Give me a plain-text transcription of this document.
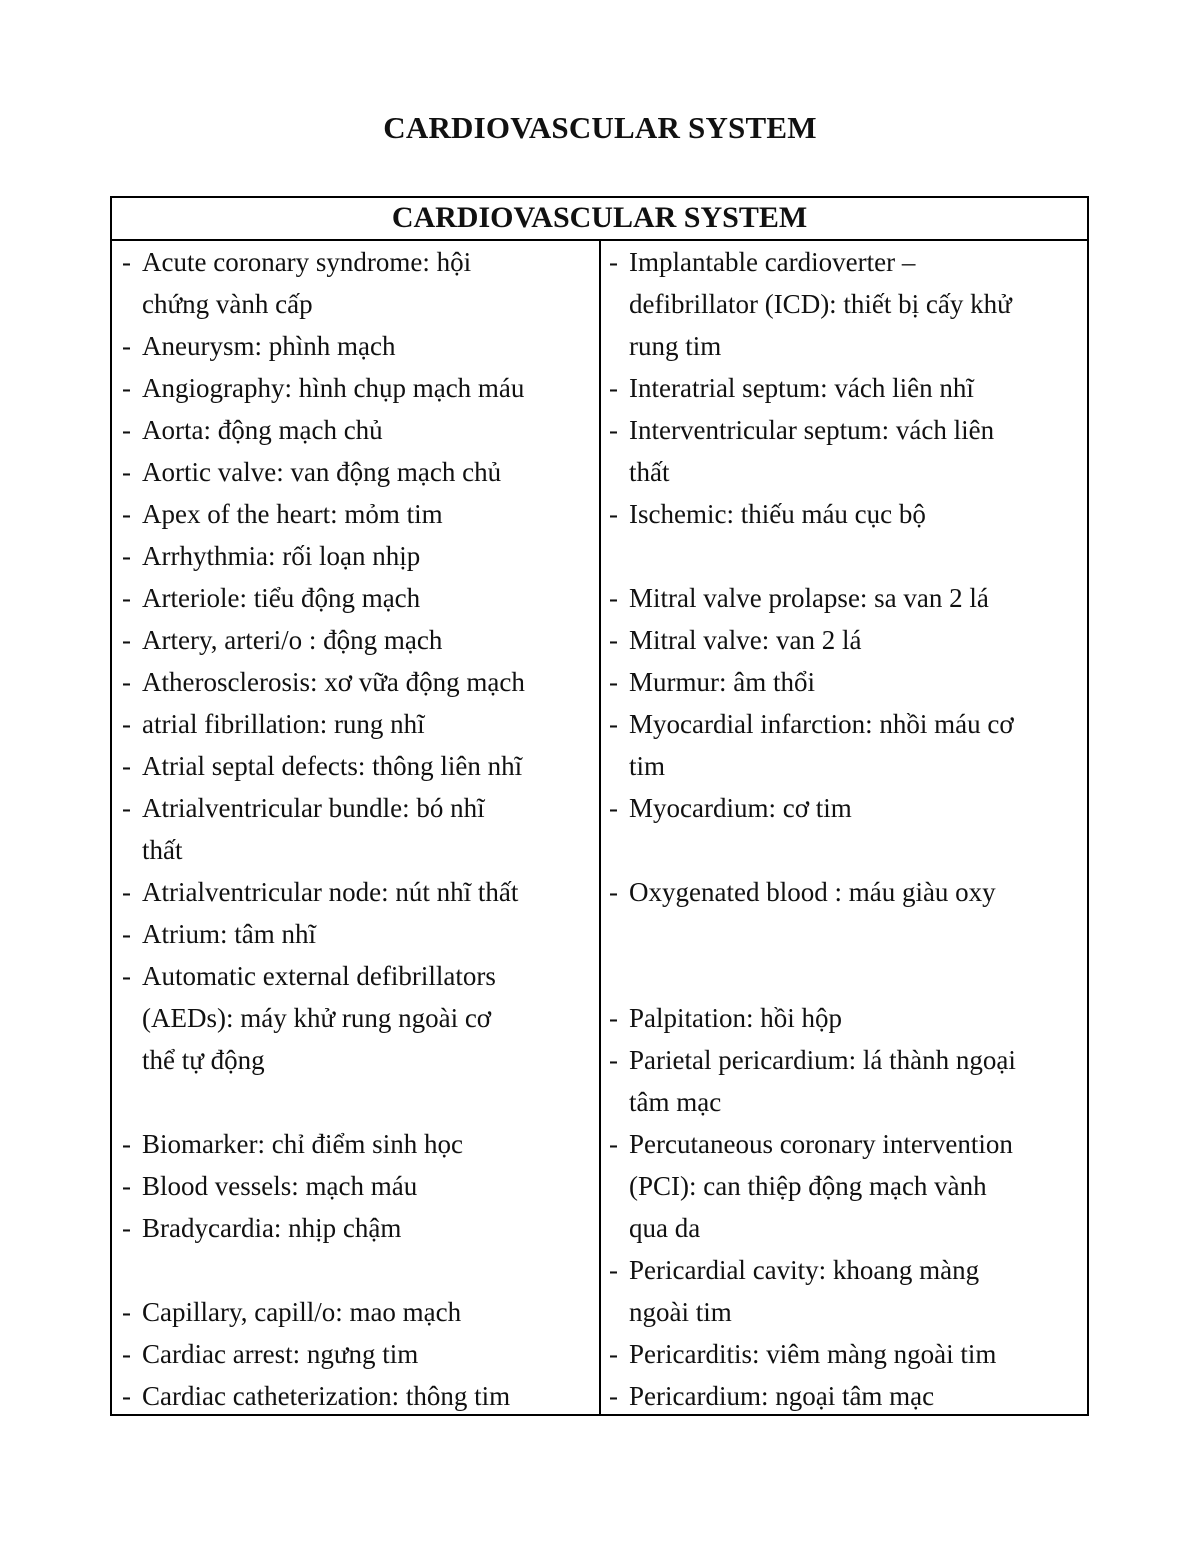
CARDIOVASCULAR SYSTEM
CARDIOVASCULAR SYSTEM
- Acute coronary syndrome: hội
chứng vành cấp
- Aneurysm: phình mạch
- Angiography: hình chụp mạch máu
- Aorta: động mạch chủ
- Aortic valve: van động mạch chủ
- Apex of the heart: mỏm tim
- Arrhythmia: rối loạn nhịp
- Arteriole: tiểu động mạch
- Artery, arteri/o : động mạch
- Atherosclerosis: xơ vữa động mạch
- atrial fibrillation: rung nhĩ
- Atrial septal defects: thông liên nhĩ
- Atrialventricular bundle: bó nhĩ
thất
- Atrialventricular node: nút nhĩ thất
- Atrium: tâm nhĩ
- Automatic external defibrillators
(AEDs): máy khử rung ngoài cơ
thể tự động
- Biomarker: chỉ điểm sinh học
- Blood vessels: mạch máu
- Bradycardia: nhịp chậm
- Capillary, capill/o: mao mạch
- Cardiac arrest: ngưng tim
- Cardiac catheterization: thông tim
- Implantable cardioverter –
defibrillator (ICD): thiết bị cấy khử
rung tim
- Interatrial septum: vách liên nhĩ
- Interventricular septum: vách liên
thất
- Ischemic: thiếu máu cục bộ
- Mitral valve prolapse: sa van 2 lá
- Mitral valve: van 2 lá
- Murmur: âm thổi
- Myocardial infarction: nhồi máu cơ
tim
- Myocardium: cơ tim
- Oxygenated blood : máu giàu oxy
- Palpitation: hồi hộp
- Parietal pericardium: lá thành ngoại
tâm mạc
- Percutaneous coronary intervention
(PCI): can thiệp động mạch vành
qua da
- Pericardial cavity: khoang màng
ngoài tim
- Pericarditis: viêm màng ngoài tim
- Pericardium: ngoại tâm mạc
